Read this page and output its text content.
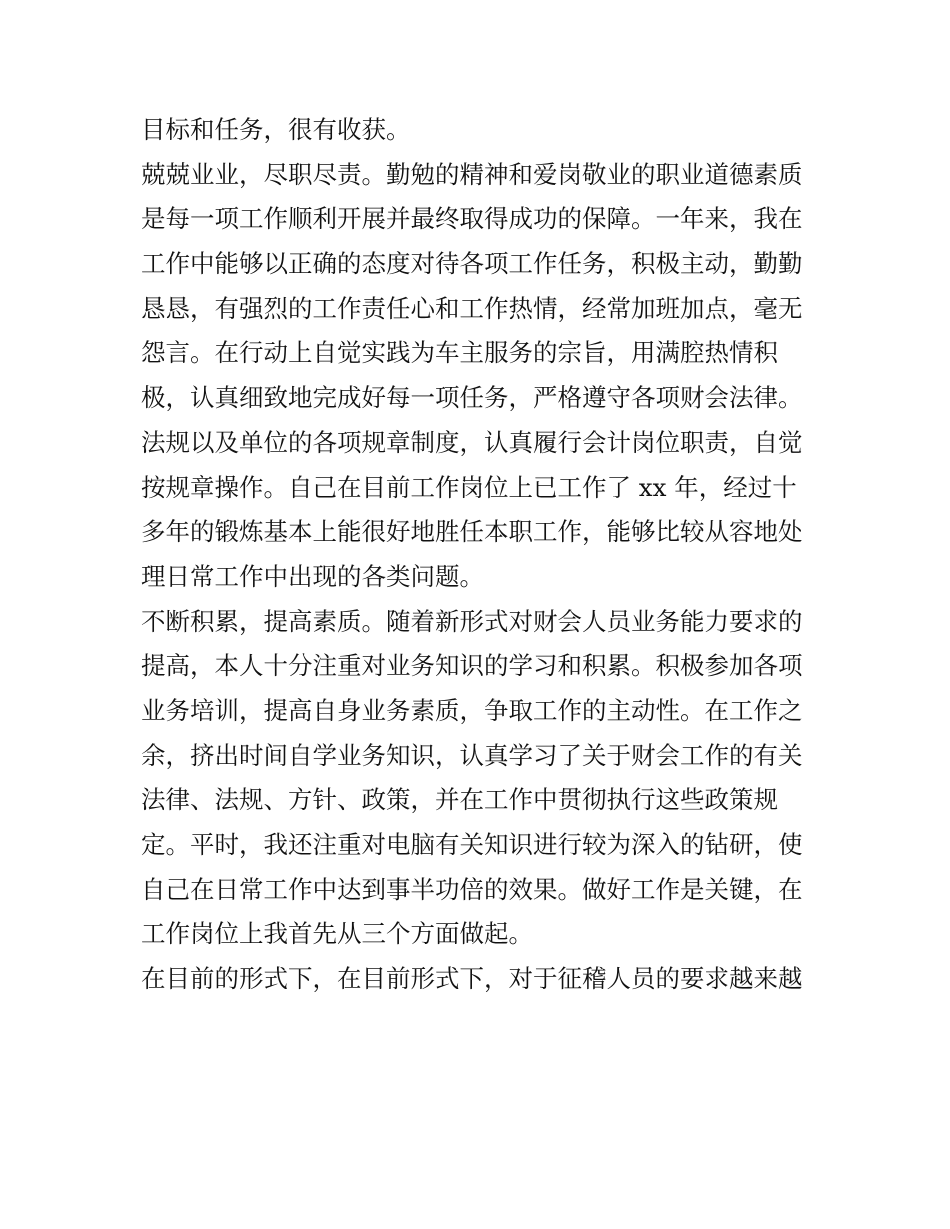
目标和任务，很有收获。
兢兢业业，尽职尽责。勤勉的精神和爱岗敬业的职业道德素质
是每一项工作顺利开展并最终取得成功的保障。一年来，我在
工作中能够以正确的态度对待各项工作任务，积极主动，勤勤
恳恳，有强烈的工作责任心和工作热情，经常加班加点，毫无
怨言。在行动上自觉实践为车主服务的宗旨，用满腔热情积
极，认真细致地完成好每一项任务，严格遵守各项财会法律。
法规以及单位的各项规章制度，认真履行会计岗位职责，自觉
按规章操作。自己在目前工作岗位上已工作了 xx 年，经过十
多年的锻炼基本上能很好地胜任本职工作，能够比较从容地处
理日常工作中出现的各类问题。
不断积累，提高素质。随着新形式对财会人员业务能力要求的
提高，本人十分注重对业务知识的学习和积累。积极参加各项
业务培训，提高自身业务素质，争取工作的主动性。在工作之
余，挤出时间自学业务知识，认真学习了关于财会工作的有关
法律、法规、方针、政策，并在工作中贯彻执行这些政策规
定。平时，我还注重对电脑有关知识进行较为深入的钻研，使
自己在日常工作中达到事半功倍的效果。做好工作是关键，在
工作岗位上我首先从三个方面做起。
在目前的形式下，在目前形式下，对于征稽人员的要求越来越
